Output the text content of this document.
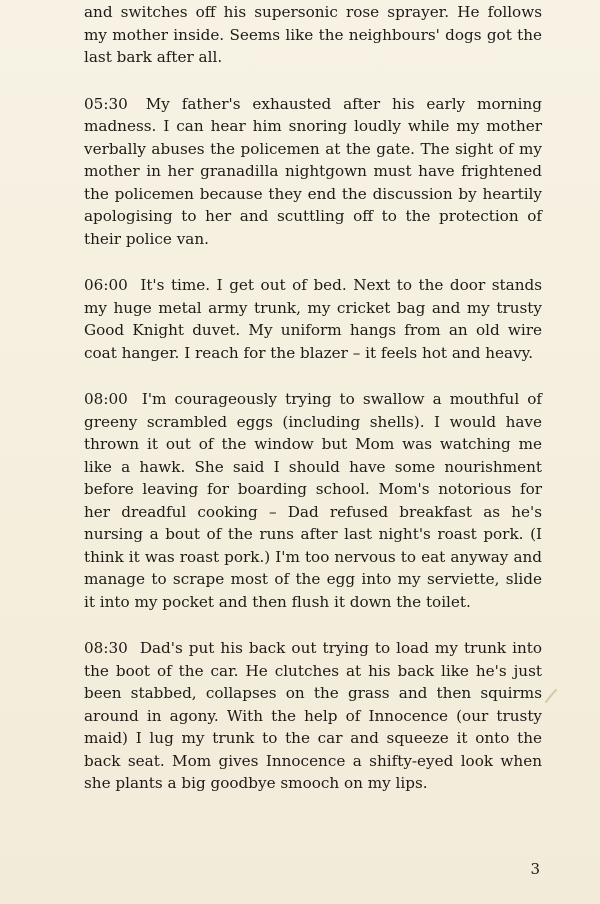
and switches off his supersonic rose sprayer. He follows my mother inside. Seems like the neighbours' dogs got the last bark after all.

05:30 My father's exhausted after his early morning madness. I can hear him snoring loudly while my mother verbally abuses the policemen at the gate. The sight of my mother in her granadilla nightgown must have frightened the policemen because they end the discussion by heartily apologising to her and scuttling off to the protection of their police van.

06:00 It's time. I get out of bed. Next to the door stands my huge metal army trunk, my cricket bag and my trusty Good Knight duvet. My uniform hangs from an old wire coat hanger. I reach for the blazer – it feels hot and heavy.

08:00 I'm courageously trying to swallow a mouthful of greeny scrambled eggs (including shells). I would have thrown it out of the window but Mom was watching me like a hawk. She said I should have some nourishment before leaving for boarding school. Mom's notorious for her dreadful cooking – Dad refused breakfast as he's nursing a bout of the runs after last night's roast pork. (I think it was roast pork.) I'm too nervous to eat anyway and manage to scrape most of the egg into my serviette, slide it into my pocket and then flush it down the toilet.

08:30 Dad's put his back out trying to load my trunk into the boot of the car. He clutches at his back like he's just been stabbed, collapses on the grass and then squirms around in agony. With the help of Innocence (our trusty maid) I lug my trunk to the car and squeeze it onto the back seat. Mom gives Innocence a shifty-eyed look when she plants a big goodbye smooch on my lips.

3
